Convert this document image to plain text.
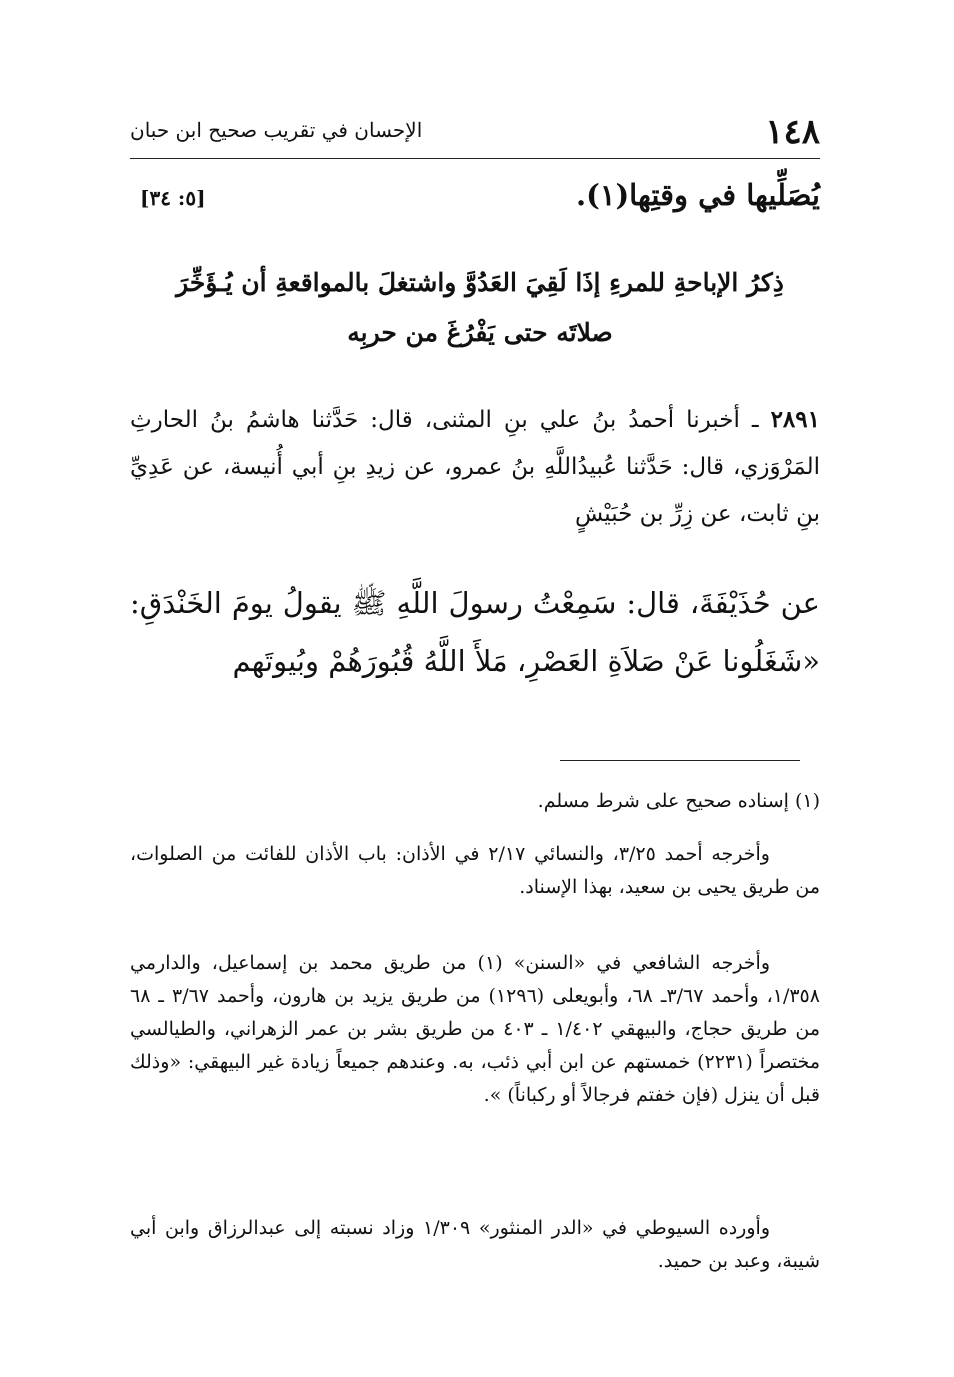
١٤٨
الإحسان في تقريب صحيح ابن حبان
يُصَلِّيها في وقتِها(١).
[٥: ٣٤]
ذِكرُ الإباحةِ للمرءِ إذَا لَقِيَ العَدُوَّ واشتغلَ بالمواقعةِ أن يُـؤَخِّرَ صلاتَه حتى يَفْرُغَ من حربِه
٢٨٩١ ـ أخبرنا أحمدُ بنُ علي بنِ المثنى، قال: حَدَّثنا هاشمُ بنُ الحارثِ المَرْوَزي، قال: حَدَّثنا عُبيدُاللَّهِ بنُ عمرو، عن زيدِ بنِ أبي أُنيسة، عن عَدِيِّ بنِ ثابت، عن زِرِّ بن حُبَيْشٍ
عن حُذَيْفَةَ، قال: سَمِعْتُ رسولَ اللَّهِ ﷺ يقولُ يومَ الخَنْدَقِ: «شَغَلُونا عَنْ صَلاَةِ العَصْرِ، مَلأَ اللَّهُ قُبُورَهُمْ وبُيوتَهم
(١) إسناده صحيح على شرط مسلم.
وأخرجه أحمد ٣/٢٥، والنسائي ٢/١٧ في الأذان: باب الأذان للفائت من الصلوات، من طريق يحيى بن سعيد، بهذا الإسناد.
وأخرجه الشافعي في «السنن» (١) من طريق محمد بن إسماعيل، والدارمي ١/٣٥٨، وأحمد ٣/٦٧ـ ٦٨، وأبويعلى (١٢٩٦) من طريق يزيد بن هارون، وأحمد ٣/٦٧ ـ ٦٨ من طريق حجاج، والبيهقي ١/٤٠٢ ـ ٤٠٣ من طريق بشر بن عمر الزهراني، والطيالسي مختصراً (٢٢٣١) خمستهم عن ابن أبي ذئب، به. وعندهم جميعاً زيادة غير البيهقي: «وذلك قبل أن ينزل (فإن خفتم فرجالاً أو ركباناً) ».
وأورده السيوطي في «الدر المنثور» ١/٣٠٩ وزاد نسبته إلى عبدالرزاق وابن أبي شيبة، وعبد بن حميد.
